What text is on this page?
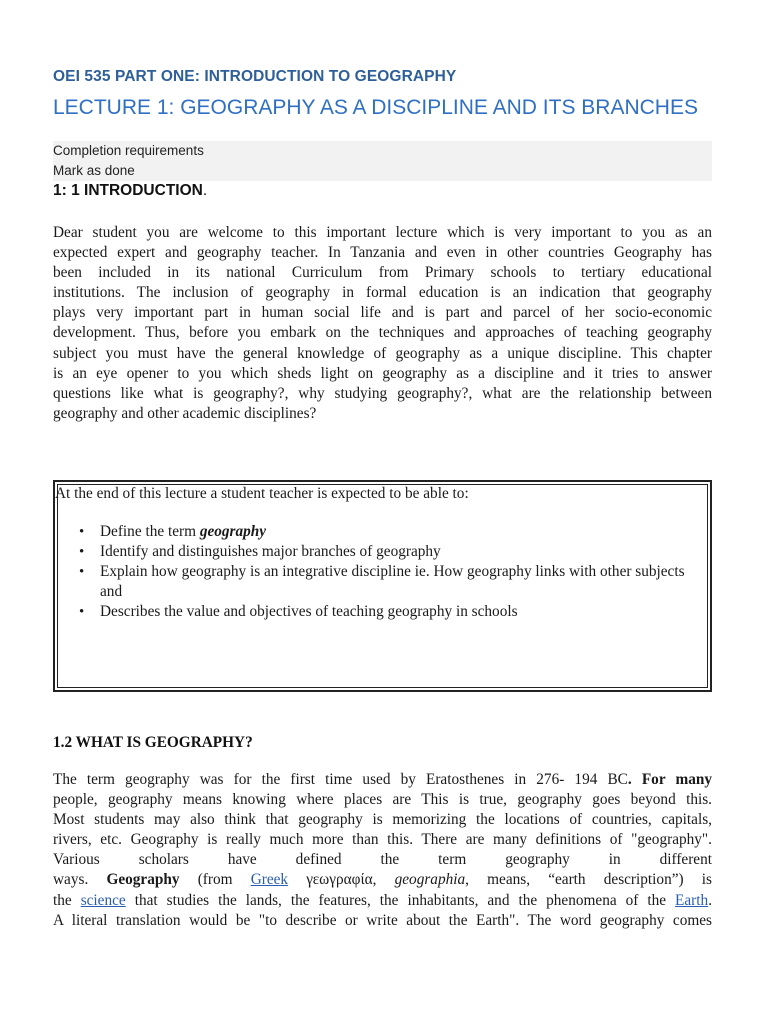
OEI 535 PART ONE: INTRODUCTION TO GEOGRAPHY
LECTURE 1: GEOGRAPHY AS A DISCIPLINE AND ITS BRANCHES
Completion requirements
Mark as done
1: 1 INTRODUCTION.
Dear student you are welcome to this important lecture which is very important to you as an
expected expert and geography teacher. In Tanzania and even in other countries Geography has
been included in its national Curriculum from Primary schools to tertiary educational
institutions. The inclusion of geography in formal education is an indication that geography
plays very important part in human social life and is part and parcel of her socio-economic
development. Thus, before you embark on the techniques and approaches of teaching geography
subject you must have the general knowledge of geography as a unique discipline. This chapter
is an eye opener to you which sheds light on geography as a discipline and it tries to answer
questions like what is geography?, why studying geography?, what are the relationship between
geography and other academic disciplines?
At the end of this lecture a student teacher is expected to be able to:
• Define the term geography
• Identify and distinguishes major branches of geography
• Explain how geography is an integrative discipline ie. How geography links with other subjects and
• Describes the value and objectives of teaching geography in schools
1.2 WHAT IS GEOGRAPHY?
The term geography was for the first time used by Eratosthenes in 276- 194 BC. For many
people, geography means knowing where places are This is true, geography goes beyond this.
Most students may also think that geography is memorizing the locations of countries, capitals,
rivers, etc. Geography is really much more than this. There are many definitions of "geography".
Various scholars have defined the term geography in different
ways. Geography (from Greek γεωγραφία, geographia, means, “earth description”) is
the science that studies the lands, the features, the inhabitants, and the phenomena of the Earth.
A literal translation would be "to describe or write about the Earth". The word geography comes
